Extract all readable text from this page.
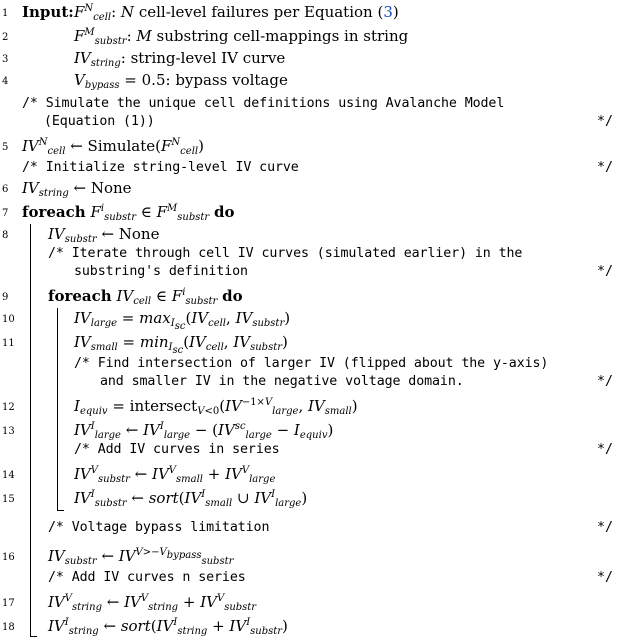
1 Input: $F^N_{cell}$: N cell-level failures per Equation (3)
2	$F^M_{substr}$: M substring cell-mappings in string
3	$IV_{string}$: string-level IV curve
4	$V_{bypass} = 0.5$: bypass voltage
/* Simulate the unique cell definitions using Avalanche Model
(Equation (1))	*/
5 $IV^N_{cell}$ ← $Simulate(F^N_{cell})$
/* Initialize string-level IV curve	*/
6 $IV_{string}$ ← None
7 foreach $F^i_{substr}$ ∈ $F^M_{substr}$ do
8	$IV_{substr}$ ← None
/* Iterate through cell IV curves (simulated earlier) in the
substring's definition	*/
9	foreach $IV_{cell}$ ∈ $F^i_{substr}$ do
10	$IV_{large} = \max_{I_{sc}}(IV_{cell}$, $IV_{substr}$)
11	$IV_{small} = \min_{I_{sc}}(IV_{cell}$, $IV_{substr}$)
/* Find intersection of larger IV (flipped about the y-axis)
and smaller IV in the negative voltage domain.	*/
12	$I_{equiv}$ = $intersect_{V<0}(IV^{-1\times V}_{large}$, $IV_{small}$)
13	$IV^I_{large}$ ← $IV^I_{large} - (IV^{sc}_{large} - I_{equiv})$
/* Add IV curves in series	*/
14	$IV^V_{substr}$ ← $IV^V_{small} + IV^V_{large}$
15	$IV^I_{substr}$ ← $sort(IV^I_{small}$ ∪ $IV^I_{large}$)
/* Voltage bypass limitation	*/
16 $IV_{substr}$ ← $IV^{V>-V_{bypass}}_{substr}$
/* Add IV curves n series	*/
17 $IV^V_{string}$ ← $IV^V_{string} + IV^V_{substr}$
18 $IV^I_{string}$ ← $sort(IV^I_{string} + IV^I_{substr})$
